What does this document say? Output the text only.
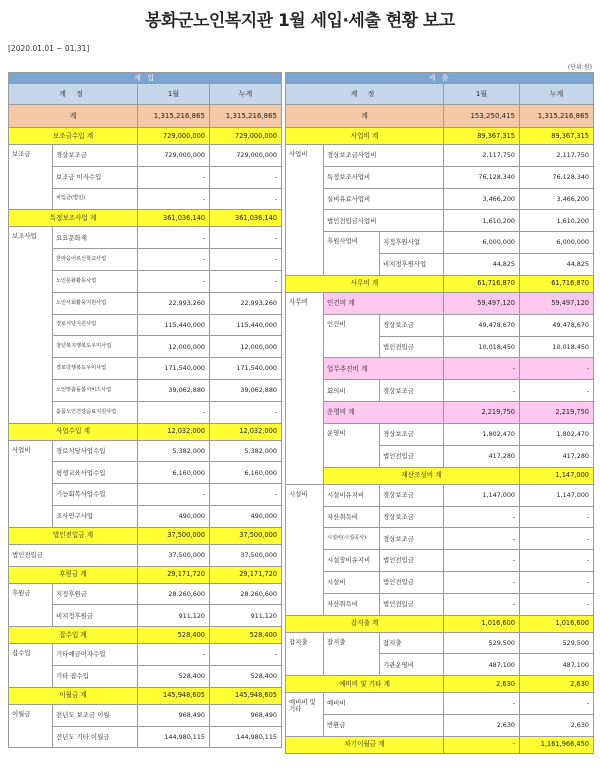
봉화군노인복지관 1월 세입·세출 현황 보고
[2020.01.01 ~ 01.31]
(단위:원)
세 입			
계 정		1월	누계
계		1,315,216,865	1,315,216,865
보조금수입 계		729,000,000	729,000,000
보조금	경상보조금	729,000,000	729,000,000
	보조금 이자수입	-	-
	차입금(법인)	-	-
특정보조사업 계		361,036,140	361,036,140
보조사업	요요문화제	-	-
	한마음어르신학교사업	-	-
	노인문화활동사업	-	-
	노인사회활동지원사업	22,993,260	22,993,260
	경로식당지원사업	115,440,000	115,440,000
	청년복지행복도우미사업	12,000,000	12,000,000
	경로당행복도우미사업	171,540,000	171,540,000
	노인맞춤돌봄서비스사업	39,062,880	39,062,880
	홀몸노인건강음료지원사업	-	-
사업수입 계		12,032,000	12,032,000
사업비	경로식당사업수입	5,382,000	5,382,000
	평생교육사업수입	6,160,000	6,160,000
	기능회복사업수입	-	-
	조사연구사업	490,000	490,000
법인전입금 계		37,500,000	37,500,000
법인전입금		37,500,000	37,500,000
후원금 계		29,171,720	29,171,720
후원금	지정후원금	28,260,600	28,260,600
	비지정후원금	911,120	911,120
잡수입 계		528,400	528,400
잡수입	기타예금이자수입	-	-
	기타 잡수입	528,400	528,400
이월금 계		145,948,605	145,948,605
이월금	전년도 보조금 이월	968,490	968,490
	전년도 기타 이월금	144,980,115	144,980,115
세 출					
계 정			1월	누계	
계			153,250,415	1,315,216,865	
사업비 계			89,367,315	89,367,315	
사업비	경상보조금사업비		2,117,750	2,117,750	
	특정보조사업비		76,128,340	76,128,340	
	실비유료사업비		3,466,200	3,466,200	
	법인전입금사업비		1,610,200	1,610,200	
	후원사업비	지정후원사업	6,000,000	6,000,000	
		비지정후원사업	44,825	44,825	
사무비 계			61,716,870	61,716,870	
사무비	인건비 계		59,497,120	59,497,120	
	인건비	경상보조금	49,478,670	49,478,670	
		법인전입금	10,018,450	10,018,450	
	업무추진비 계		-	-	
	회의비	경상보조금	-	-	
	운영비 계		2,219,750	2,219,750	
	운영비	경상보조금	1,802,470	1,802,470	
		법인전입금	417,280	417,280	
	재산조성비 계			1,147,000	
시설비	시설비유지비	경상보조금	1,147,000	1,147,000	
	자산취득비	경상보조금	-	-	
	시설비(시설공사)	경상보조금	-	-	
	시설장비유지비	법인전입금	-	-	
	시설비	법인전입금	-	-	
	자산취득비	법인전입금	-	-	
잡지출 계			1,016,600	1,016,600	
잡지출	잡지출	잡지출	529,500	529,500	
		기관운영비	487,100	487,100	
예비비 및 기타 계			2,630	2,630	
예비비 및기타	예비비		-	-	
	반환금		2,630	2,630	
차기이월금 계			-	1,161,966,450	
